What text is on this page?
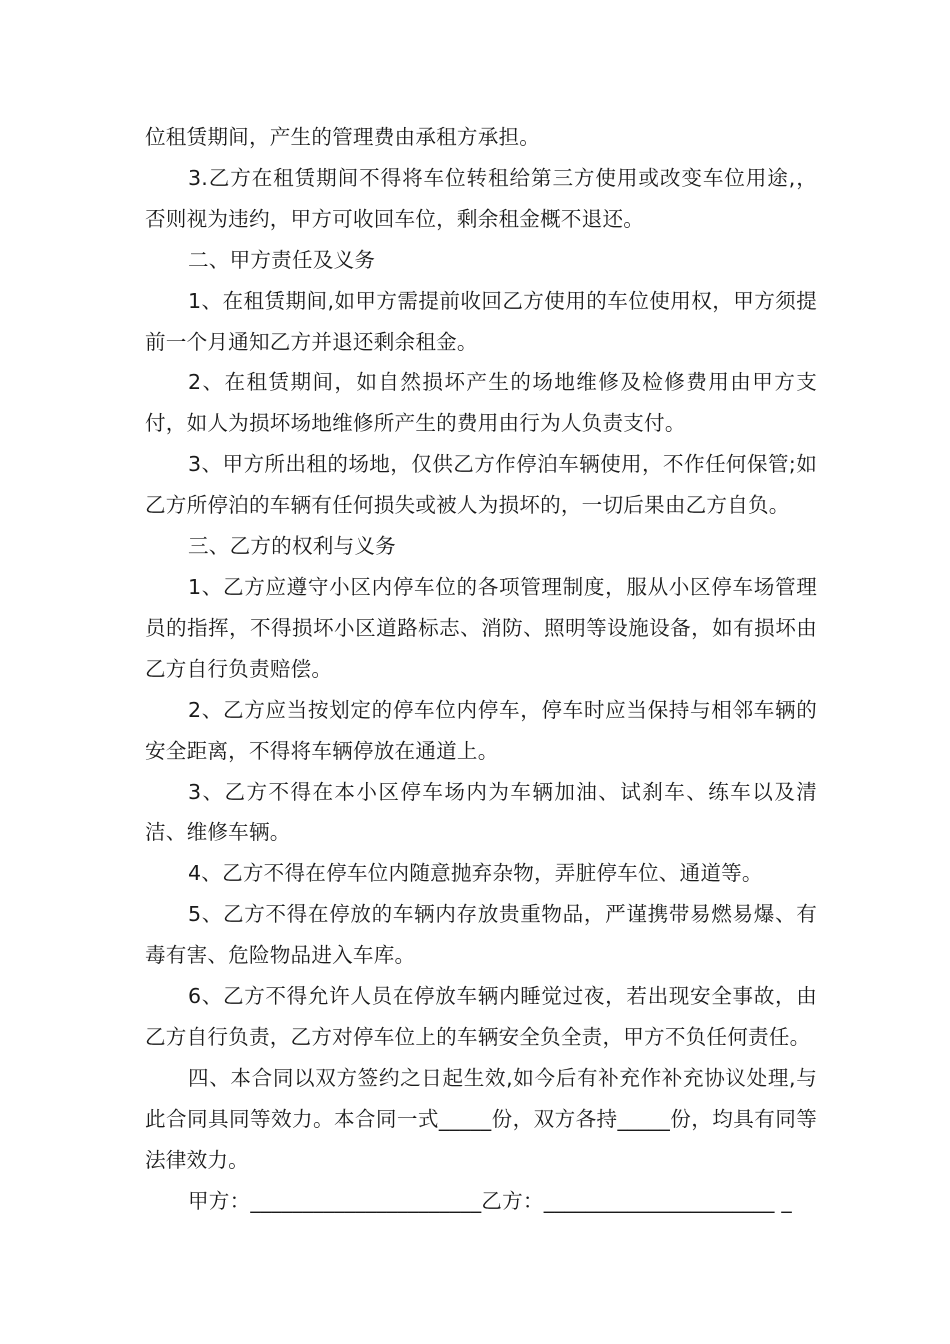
位租赁期间，产生的管理费由承租方承担。

3.乙方在租赁期间不得将车位转租给第三方使用或改变车位用途,，否则视为违约，甲方可收回车位，剩余租金概不退还。

二、甲方责任及义务

1、在租赁期间,如甲方需提前收回乙方使用的车位使用权，甲方须提前一个月通知乙方并退还剩余租金。

2、在租赁期间，如自然损坏产生的场地维修及检修费用由甲方支付，如人为损坏场地维修所产生的费用由行为人负责支付。

3、甲方所出租的场地，仅供乙方作停泊车辆使用，不作任何保管;如乙方所停泊的车辆有任何损失或被人为损坏的，一切后果由乙方自负。

三、乙方的权利与义务

1、乙方应遵守小区内停车位的各项管理制度，服从小区停车场管理员的指挥，不得损坏小区道路标志、消防、照明等设施设备，如有损坏由乙方自行负责赔偿。

2、乙方应当按划定的停车位内停车，停车时应当保持与相邻车辆的安全距离，不得将车辆停放在通道上。

3、乙方不得在本小区停车场内为车辆加油、试刹车、练车以及清洁、维修车辆。

4、乙方不得在停车位内随意抛弃杂物，弄脏停车位、通道等。

5、乙方不得在停放的车辆内存放贵重物品，严谨携带易燃易爆、有毒有害、危险物品进入车库。

6、乙方不得允许人员在停放车辆内睡觉过夜，若出现安全事故，由乙方自行负责，乙方对停车位上的车辆安全负全责，甲方不负任何责任。

四、本合同以双方签约之日起生效,如今后有补充作补充协议处理,与此合同具同等效力。本合同一式_____份，双方各持_____份，均具有同等法律效力。

甲方：______________________乙方：______________________ _
